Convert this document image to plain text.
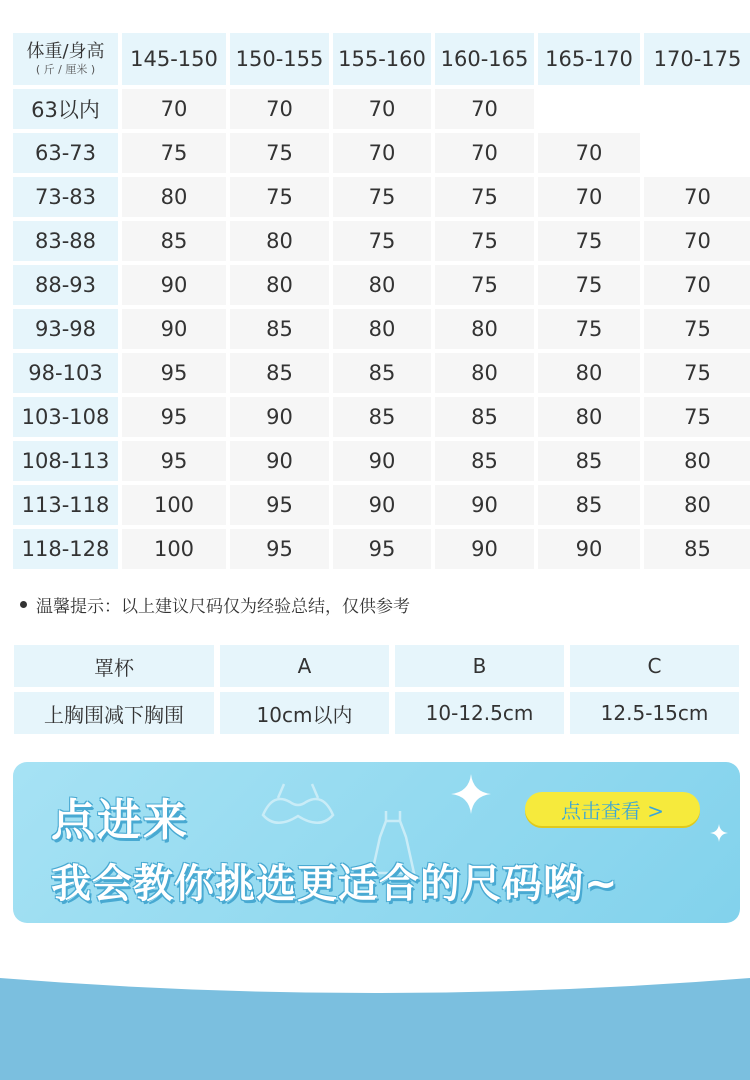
体重/身高
( 斤 / 厘米 )	145-150 150-155 155-160 160-165 165-170 170-175
63以内	70	70	70	70
63-73	75	75	70	70	70
73-83	80	75	75	75	70	70
83-88	85	80	75	75	75	70
88-93	90	80	80	75	75	70
93-98	90	85	80	80	75	75
98-103	95	85	85	80	80	75
103-108	95	90	85	85	80	75
108-113	95	90	90	85	85	80
113-118	100	95	90	90	85	80
118-128	100	95	95	90	90	85
温馨提示：以上建议尺码仅为经验总结，仅供参考
罩杯	A	B	C
上胸围减下胸围	10cm以内	10-12.5cm	12.5-15cm
点进来
我会教你挑选更适合的尺码哟~
点击查看 >
